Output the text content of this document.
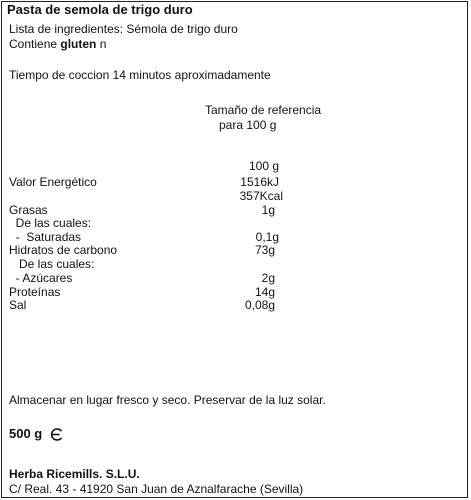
Pasta de semola de trigo duro
Lista de ingredientes: Sémola de trigo duro
Contiene gluten n
Tiempo de coccion 14 minutos aproximadamente
Tamaño de referencia
para 100 g
100 g
Valor Energético	1516kJ
357Kcal
Grasas	1g
De las cuales:
-  Saturadas	0,1g
Hidratos de carbono	73g
De las cuales:
- Azúcares	2g
Proteínas	14g
Sal	0,08g
Almacenar en lugar fresco y seco. Preservar de la luz solar.
500 g
Herba Ricemills. S.L.U.
C/ Real. 43 - 41920 San Juan de Aznalfarache (Sevilla)
